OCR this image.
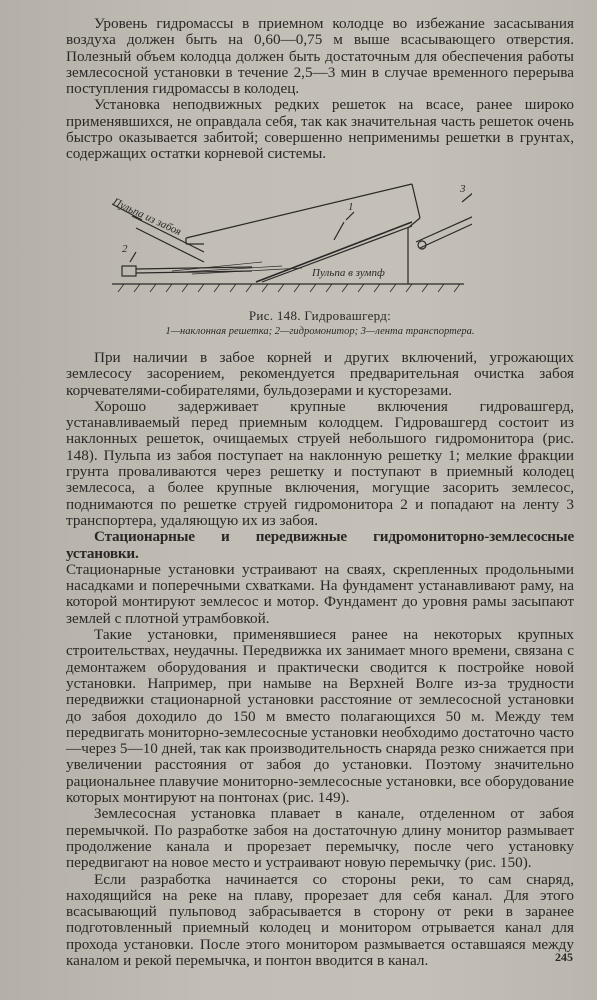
Уровень гидромассы в приемном колодце во избежание засасывания воздуха должен быть на 0,60—0,75 м выше всасывающего отверстия. Полезный объем колодца должен быть достаточным для обеспечения работы землесосной установки в течение 2,5—3 мин в случае временного перерыва поступления гидромассы в колодец.

Установка неподвижных редких решеток на всасе, ранее широко применявшихся, не оправдала себя, так как значительная часть решеток очень быстро оказывается забитой; совершенно неприменимы решетки в грунтах, содержащих остатки корневой системы.

Пульпа из забоя
Пульпа в зумпф
1
2
3
Рис. 148. Гидровашгерд:
1—наклонная решетка; 2—гидромонитор; 3—лента транспортера.

При наличии в забое корней и других включений, угрожающих землесосу засорением, рекомендуется предварительная очистка забоя корчевателями-собирателями, бульдозерами и кусторезами.

Хорошо задерживает крупные включения гидровашгерд, устанавливаемый перед приемным колодцем. Гидровашгерд состоит из наклонных решеток, очищаемых струей небольшого гидромонитора (рис. 148). Пульпа из забоя поступает на наклонную решетку 1; мелкие фракции грунта проваливаются через решетку и поступают в приемный колодец землесоса, а более крупные включения, могущие засорить землесос, поднимаются по решетке струей гидромонитора 2 и попадают на ленту 3 транспортера, удаляющую их из забоя.

Стационарные и передвижные гидромониторно-землесосные установки.

Стационарные установки устраивают на сваях, скрепленных продольными насадками и поперечными схватками. На фундамент устанавливают раму, на которой монтируют землесос и мотор. Фундамент до уровня рамы засыпают землей с плотной утрамбовкой.

Такие установки, применявшиеся ранее на некоторых крупных строительствах, неудачны. Передвижка их занимает много времени, связана с демонтажем оборудования и практически сводится к постройке новой установки. Например, при намыве на Верхней Волге из-за трудности передвижки стационарной установки расстояние от землесосной установки до забоя доходило до 150 м вместо полагающихся 50 м. Между тем передвигать мониторно-землесосные установки необходимо достаточно часто—через 5—10 дней, так как производительность снаряда резко снижается при увеличении расстояния от забоя до установки. Поэтому значительно рациональнее плавучие мониторно-землесосные установки, все оборудование которых монтируют на понтонах (рис. 149).

Землесосная установка плавает в канале, отделенном от забоя перемычкой. По разработке забоя на достаточную длину монитор размывает продолжение канала и прорезает перемычку, после чего установку передвигают на новое место и устраивают новую перемычку (рис. 150).

Если разработка начинается со стороны реки, то сам снаряд, находящийся на реке на плаву, прорезает для себя канал. Для этого всасывающий пульповод забрасывается в сторону от реки в заранее подготовленный приемный колодец и монитором отрывается канал для прохода установки. После этого монитором размывается оставшаяся между каналом и рекой перемычка, и понтон вводится в канал.	245
